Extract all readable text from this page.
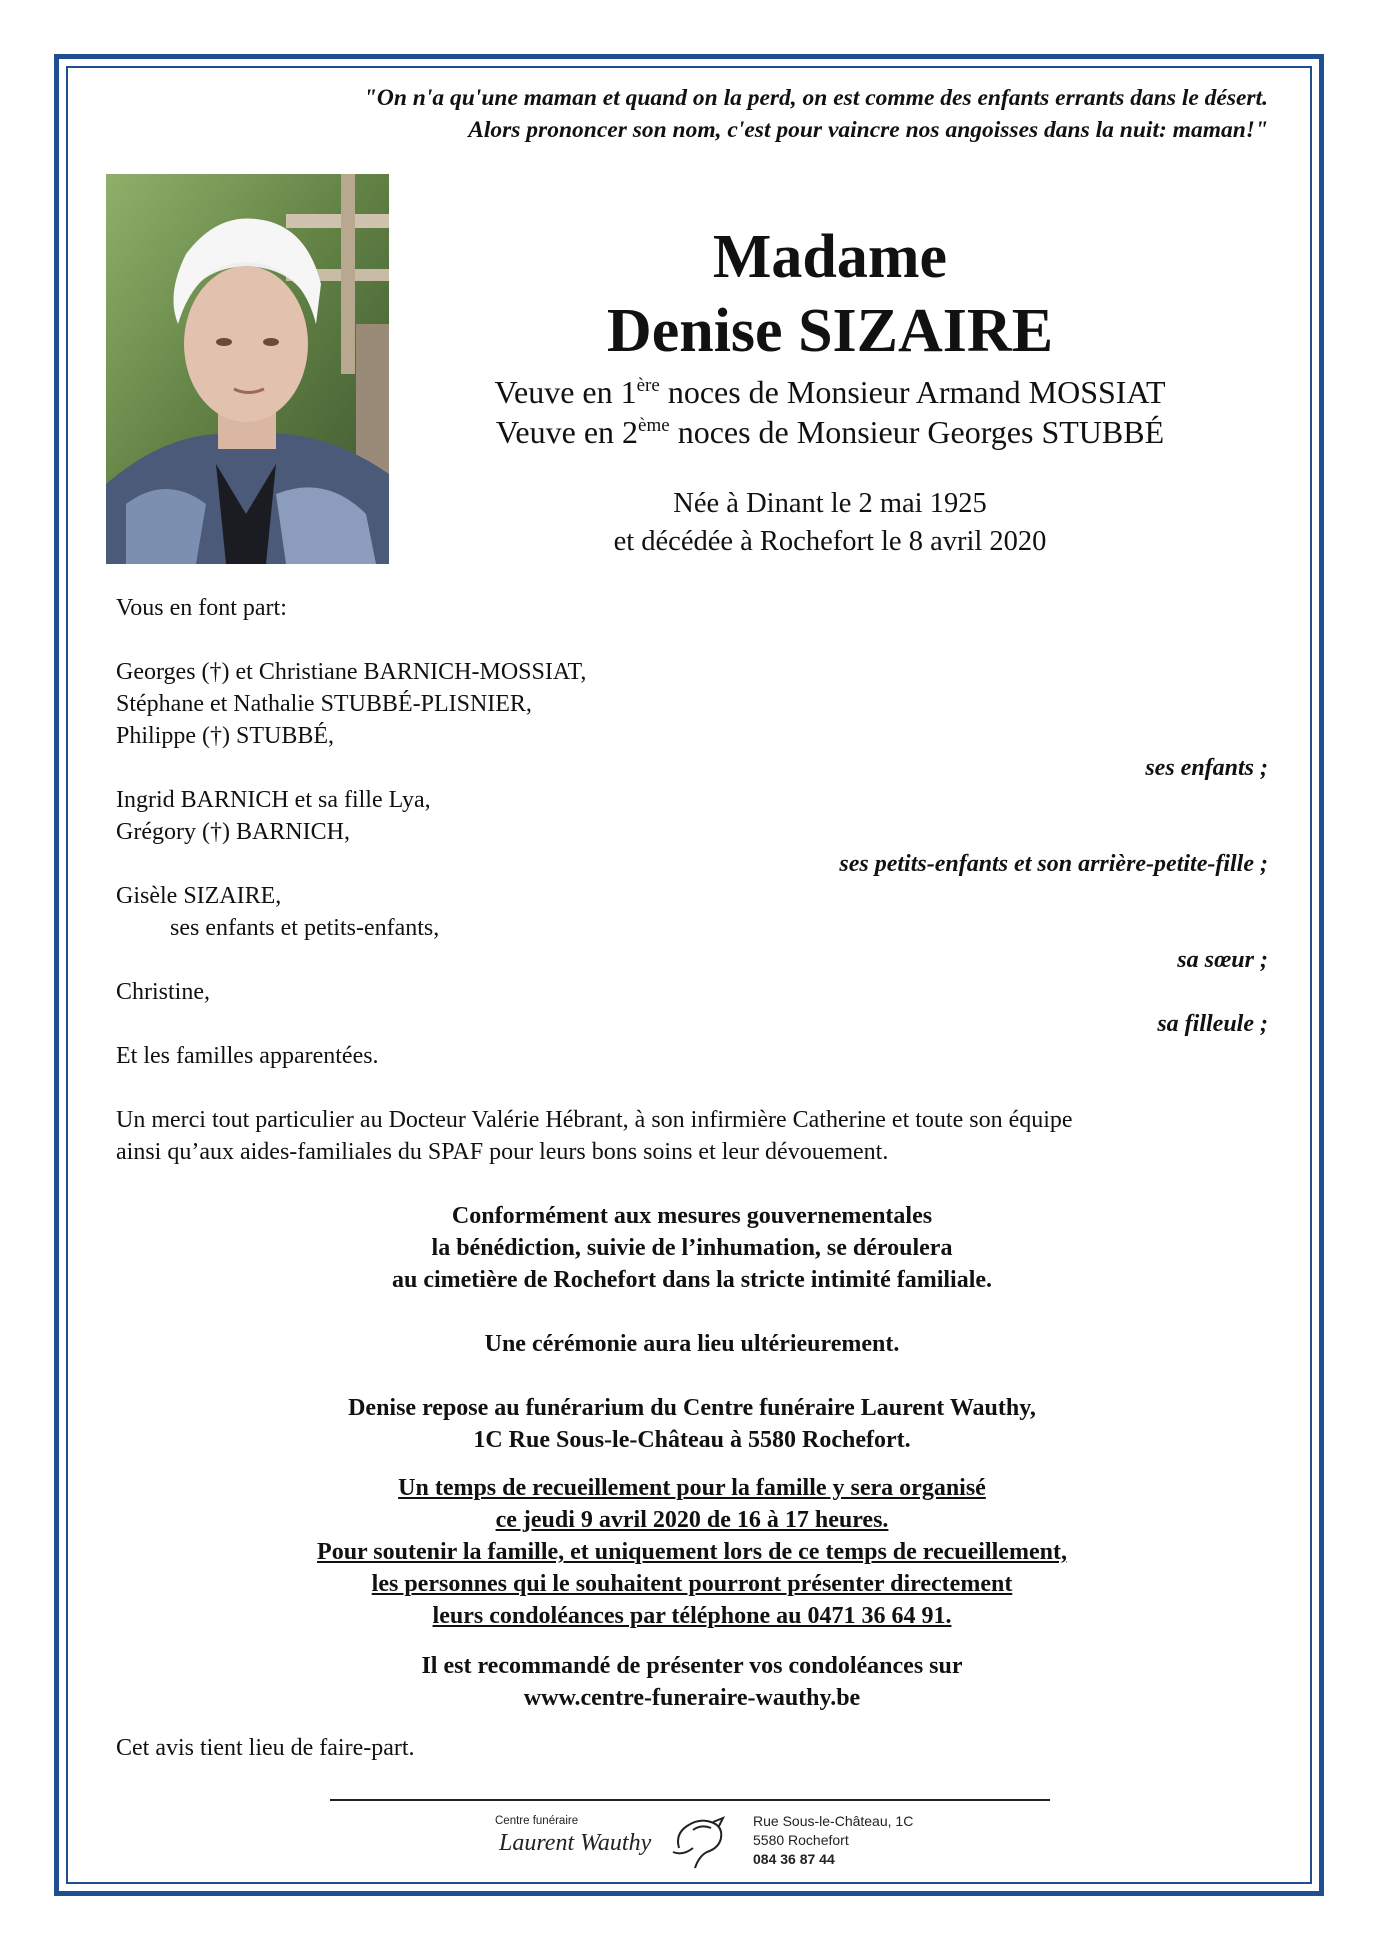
"On n'a qu'une maman et quand on la perd, on est comme des enfants errants dans le désert.
Alors prononcer son nom, c'est pour vaincre nos angoisses dans la nuit: maman!"
Madame
Denise SIZAIRE
Veuve en 1ère noces de Monsieur Armand MOSSIAT
Veuve en 2ème noces de Monsieur Georges STUBBÉ
Née à Dinant le 2 mai 1925
et décédée à Rochefort le 8 avril 2020
Vous en font part:
Georges (†) et Christiane BARNICH-MOSSIAT,
Stéphane et Nathalie STUBBÉ-PLISNIER,
Philippe (†) STUBBÉ,
ses enfants ;
Ingrid BARNICH et sa fille Lya,
Grégory (†) BARNICH,
ses petits-enfants et son arrière-petite-fille ;
Gisèle SIZAIRE,
ses enfants et petits-enfants,
sa sœur ;
Christine,
sa filleule ;
Et les familles apparentées.
Un merci tout particulier au Docteur Valérie Hébrant, à son infirmière Catherine et toute son équipe
ainsi qu’aux aides-familiales du SPAF pour leurs bons soins et leur dévouement.
Conformément aux mesures gouvernementales
la bénédiction, suivie de l’inhumation, se déroulera
au cimetière de Rochefort dans la stricte intimité familiale.
Une cérémonie aura lieu ultérieurement.
Denise repose au funérarium du Centre funéraire Laurent Wauthy,
1C Rue Sous-le-Château à 5580 Rochefort.
Un temps de recueillement pour la famille y sera organisé
ce jeudi 9 avril 2020 de 16 à 17 heures.
Pour soutenir la famille, et uniquement lors de ce temps de recueillement,
les personnes qui le souhaitent pourront présenter directement
leurs condoléances par téléphone au 0471 36 64 91.
Il est recommandé de présenter vos condoléances sur
www.centre-funeraire-wauthy.be
Cet avis tient lieu de faire-part.
Centre funéraire
Laurent Wauthy
Rue Sous-le-Château, 1C
5580 Rochefort
084 36 87 44
